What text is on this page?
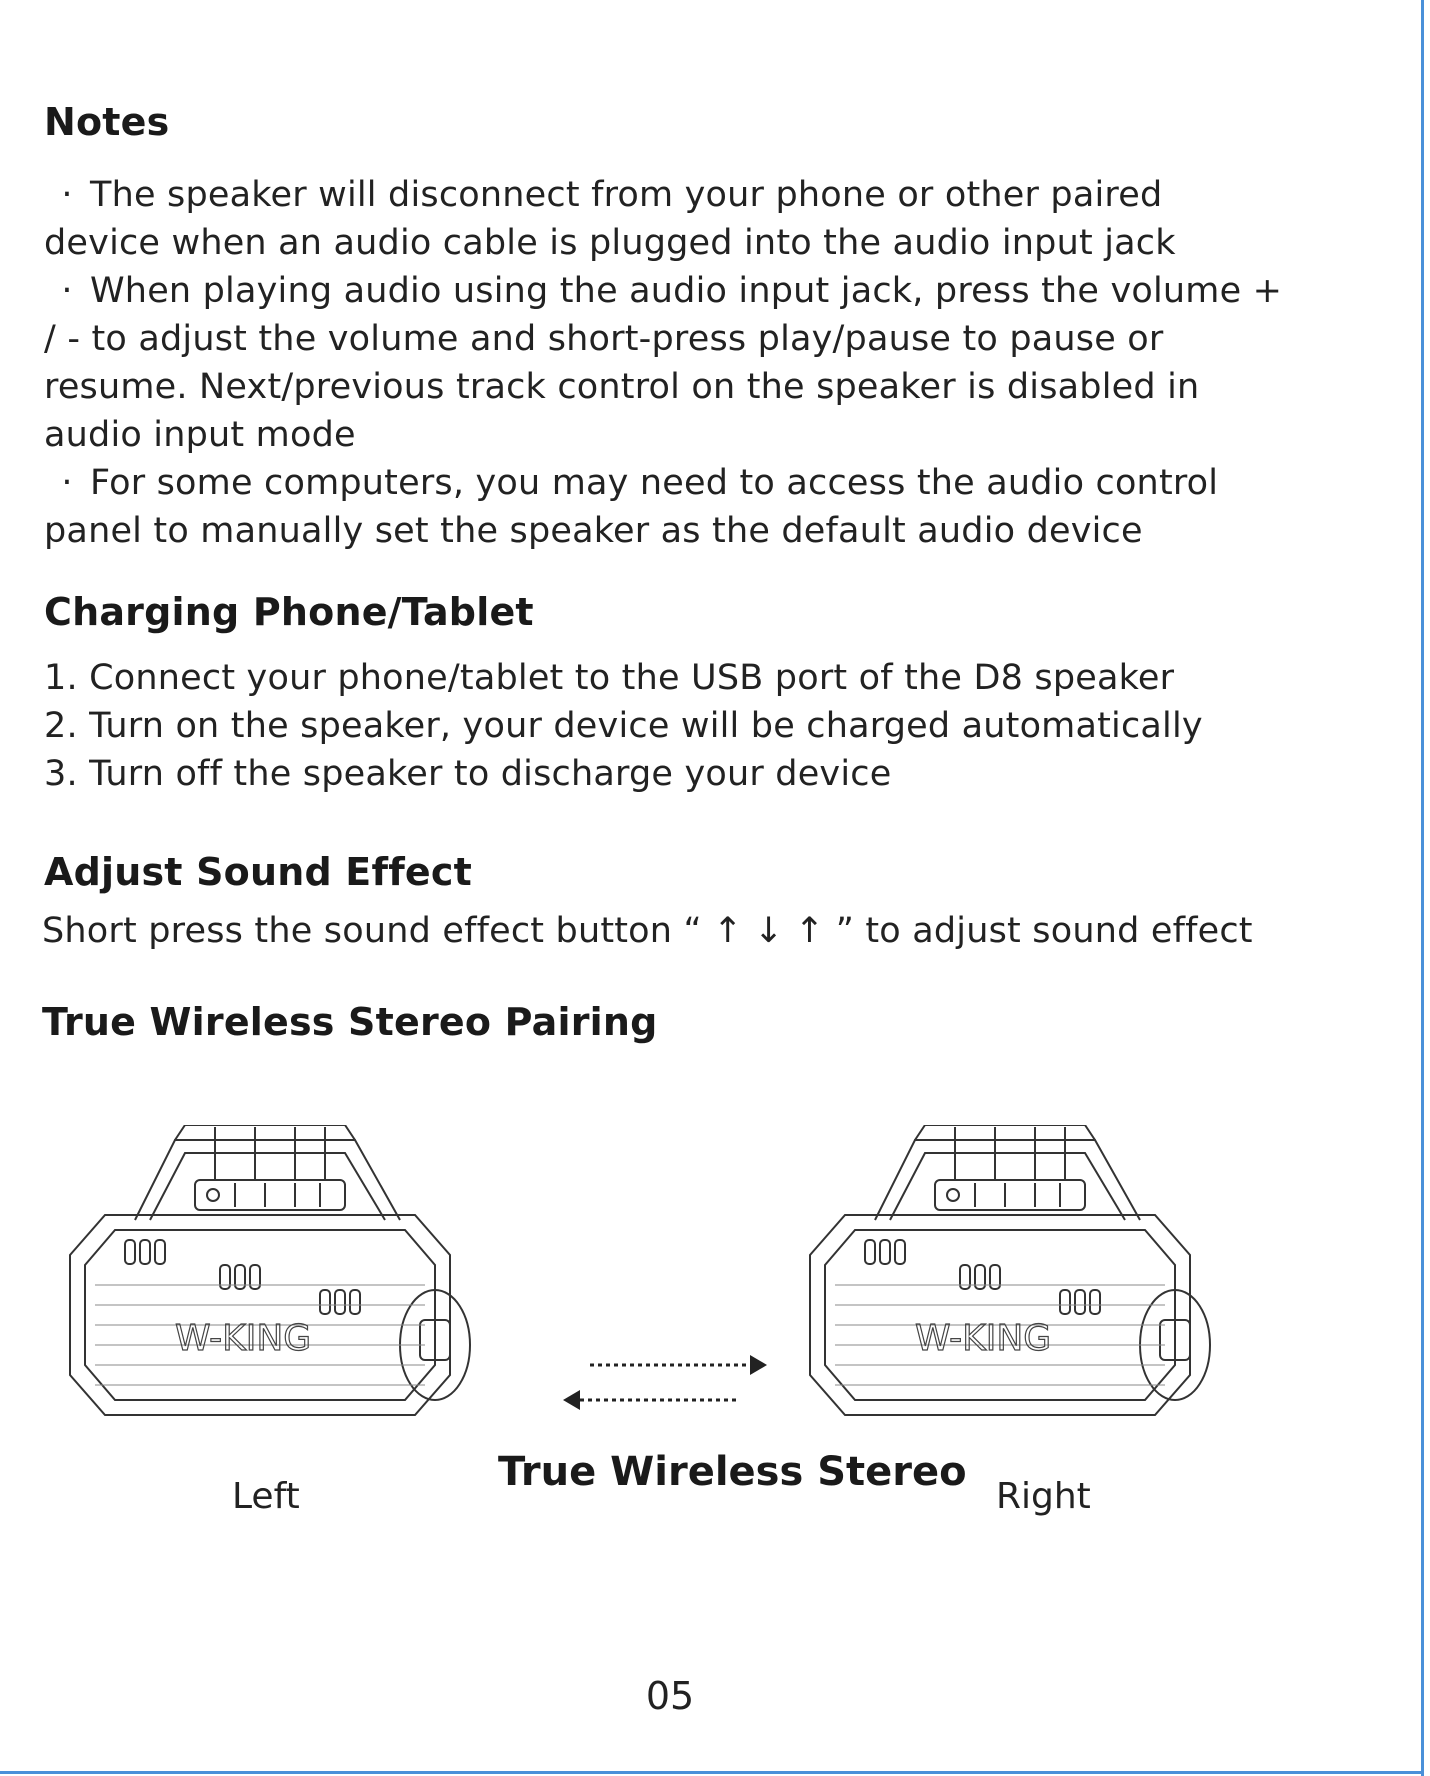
Notes

· The speaker will disconnect from your phone or other paired

device when an audio cable is plugged into the audio input jack

· When playing audio using the audio input jack, press the volume +

/ - to adjust the volume and short-press play/pause to pause or

resume. Next/previous track control on the speaker is disabled in

audio input mode

· For some computers, you may need to access the audio control

panel to manually set the speaker as the default audio device

Charging Phone/Tablet

1. Connect your phone/tablet to the USB port of the D8 speaker

2. Turn on the speaker, your device will be charged automatically

3. Turn off the speaker to discharge your device

Adjust Sound Effect

Short press the sound effect button “ ↑ ↓ ↑ ” to adjust sound effect

True Wireless Stereo Pairing
W-KING	W-KING
Left
True Wireless Stereo
Right
05
